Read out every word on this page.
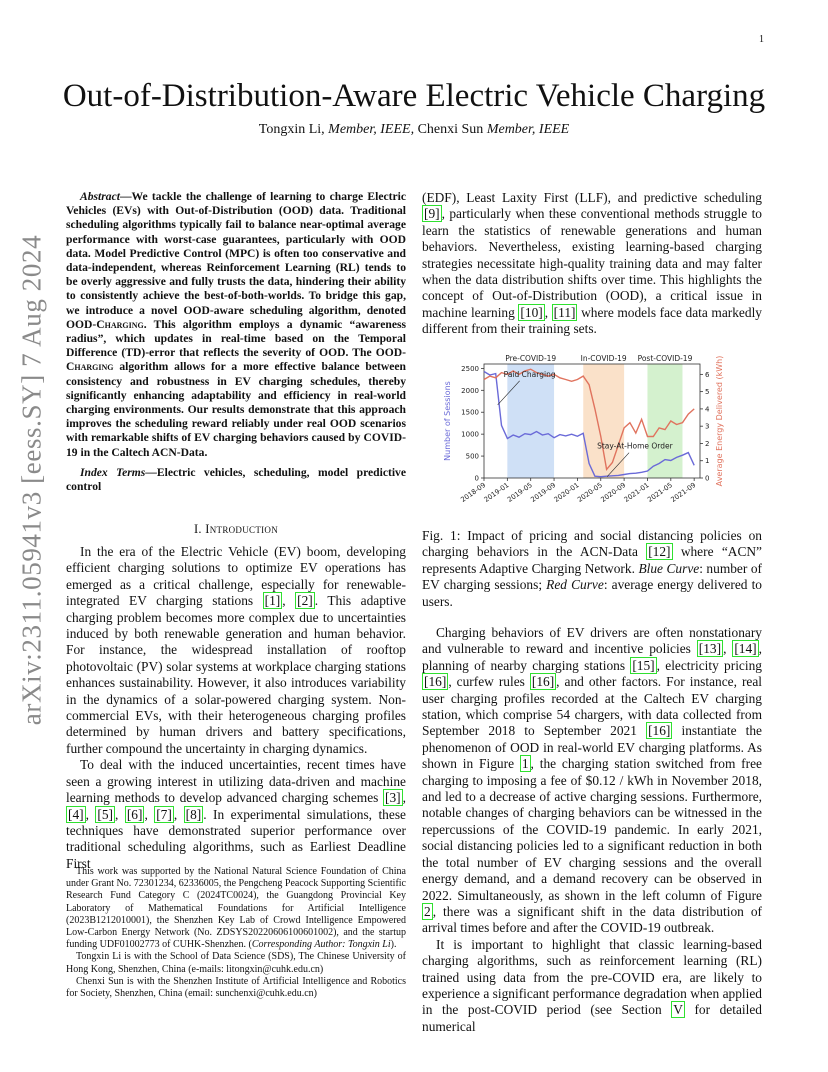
1
arXiv:2311.05941v3 [eess.SY] 7 Aug 2024
Out-of-Distribution-Aware Electric Vehicle Charging
Tongxin Li, Member, IEEE, Chenxi Sun Member, IEEE
Abstract—We tackle the challenge of learning to charge Electric Vehicles (EVs) with Out-of-Distribution (OOD) data. Traditional scheduling algorithms typically fail to balance near-optimal average performance with worst-case guarantees, particularly with OOD data. Model Predictive Control (MPC) is often too conservative and data-independent, whereas Reinforcement Learning (RL) tends to be overly aggressive and fully trusts the data, hindering their ability to consistently achieve the best-of-both-worlds. To bridge this gap, we introduce a novel OOD-aware scheduling algorithm, denoted OOD-Charging. This algorithm employs a dynamic “awareness radius”, which updates in real-time based on the Temporal Difference (TD)-error that reflects the severity of OOD. The OOD-Charging algorithm allows for a more effective balance between consistency and robustness in EV charging schedules, thereby significantly enhancing adaptability and efficiency in real-world charging environments. Our results demonstrate that this approach improves the scheduling reward reliably under real OOD scenarios with remarkable shifts of EV charging behaviors caused by COVID-19 in the Caltech ACN-Data.
Index Terms—Electric vehicles, scheduling, model predictive control
I. Introduction

In the era of the Electric Vehicle (EV) boom, developing efficient charging solutions to optimize EV operations has emerged as a critical challenge, especially for renewable-integrated EV charging stations [1] , [2] . This adaptive charging problem becomes more complex due to uncertainties induced by both renewable generation and human behavior. For instance, the widespread installation of rooftop photovoltaic (PV) solar systems at workplace charging stations enhances sustainability. However, it also introduces variability in the dynamics of a solar-powered charging system. Non-commercial EVs, with their heterogeneous charging profiles determined by human drivers and battery specifications, further compound the uncertainty in charging dynamics.

To deal with the induced uncertainties, recent times have seen a growing interest in utilizing data-driven and machine learning methods to develop advanced charging schemes [3] , [4] , [5] , [6] , [7] , [8] . In experimental simulations, these techniques have demonstrated superior performance over traditional scheduling algorithms, such as Earliest Deadline First

This work was supported by the National Natural Science Foundation of China under Grant No. 72301234, 62336005, the Pengcheng Peacock Supporting Scientific Research Fund Category C (2024TC0024), the Guangdong Provincial Key Laboratory of Mathematical Foundations for Artificial Intelligence (2023B1212010001), the Shenzhen Key Lab of Crowd Intelligence Empowered Low-Carbon Energy Network (No. ZDSYS20220606100601002), and the startup funding UDF01002773 of CUHK-Shenzhen. (Corresponding Author: Tongxin Li).

Tongxin Li is with the School of Data Science (SDS), The Chinese University of Hong Kong, Shenzhen, China (e-mails: litongxin@cuhk.edu.cn)

Chenxi Sun is with the Shenzhen Institute of Artificial Intelligence and Robotics for Society, Shenzhen, China (email: sunchenxi@cuhk.edu.cn)

(EDF), Least Laxity First (LLF), and predictive scheduling [9] , particularly when these conventional methods struggle to learn the statistics of renewable generations and human behaviors. Nevertheless, existing learning-based charging strategies necessitate high-quality training data and may falter when the data distribution shifts over time. This highlights the concept of Out-of-Distribution (OOD), a critical issue in machine learning [10] , [11] where models face data markedly different from their training sets.

Pre-COVID-19	In-COVID-19 Post-COVID-19
0
500
1000
1500
2000
2500
0
1
2
3
4
5
6
2018-09
2019-01
2019-05
2019-09
2020-01
2020-05
2020-09
2021-01
2021-05
2021-09
Number of Sessions	Average Energy Delivered (kWh)
Paid Charging
Stay-At-Home Order
Fig. 1: Impact of pricing and social distancing policies on charging behaviors in the ACN-Data [12] where “ACN” represents Adaptive Charging Network. Blue Curve: number of EV charging sessions; Red Curve: average energy delivered to users.

Charging behaviors of EV drivers are often nonstationary and vulnerable to reward and incentive policies [13] , [14] , planning of nearby charging stations [15] , electricity pricing [16] , curfew rules [16] , and other factors. For instance, real user charging profiles recorded at the Caltech EV charging station, which comprise 54 chargers, with data collected from September 2018 to September 2021 [16] instantiate the phenomenon of OOD in real-world EV charging platforms. As shown in Figure 1 , the charging station switched from free charging to imposing a fee of $0.12 / kWh in November 2018, and led to a decrease of active charging sessions. Furthermore, notable changes of charging behaviors can be witnessed in the repercussions of the COVID-19 pandemic. In early 2021, social distancing policies led to a significant reduction in both the total number of EV charging sessions and the overall energy demand, and a demand recovery can be observed in 2022. Simultaneously, as shown in the left column of Figure 2 , there was a significant shift in the data distribution of arrival times before and after the COVID-19 outbreak.

It is important to highlight that classic learning-based charging algorithms, such as reinforcement learning (RL) trained using data from the pre-COVID era, are likely to experience a significant performance degradation when applied in the post-COVID period (see Section V for detailed numerical
